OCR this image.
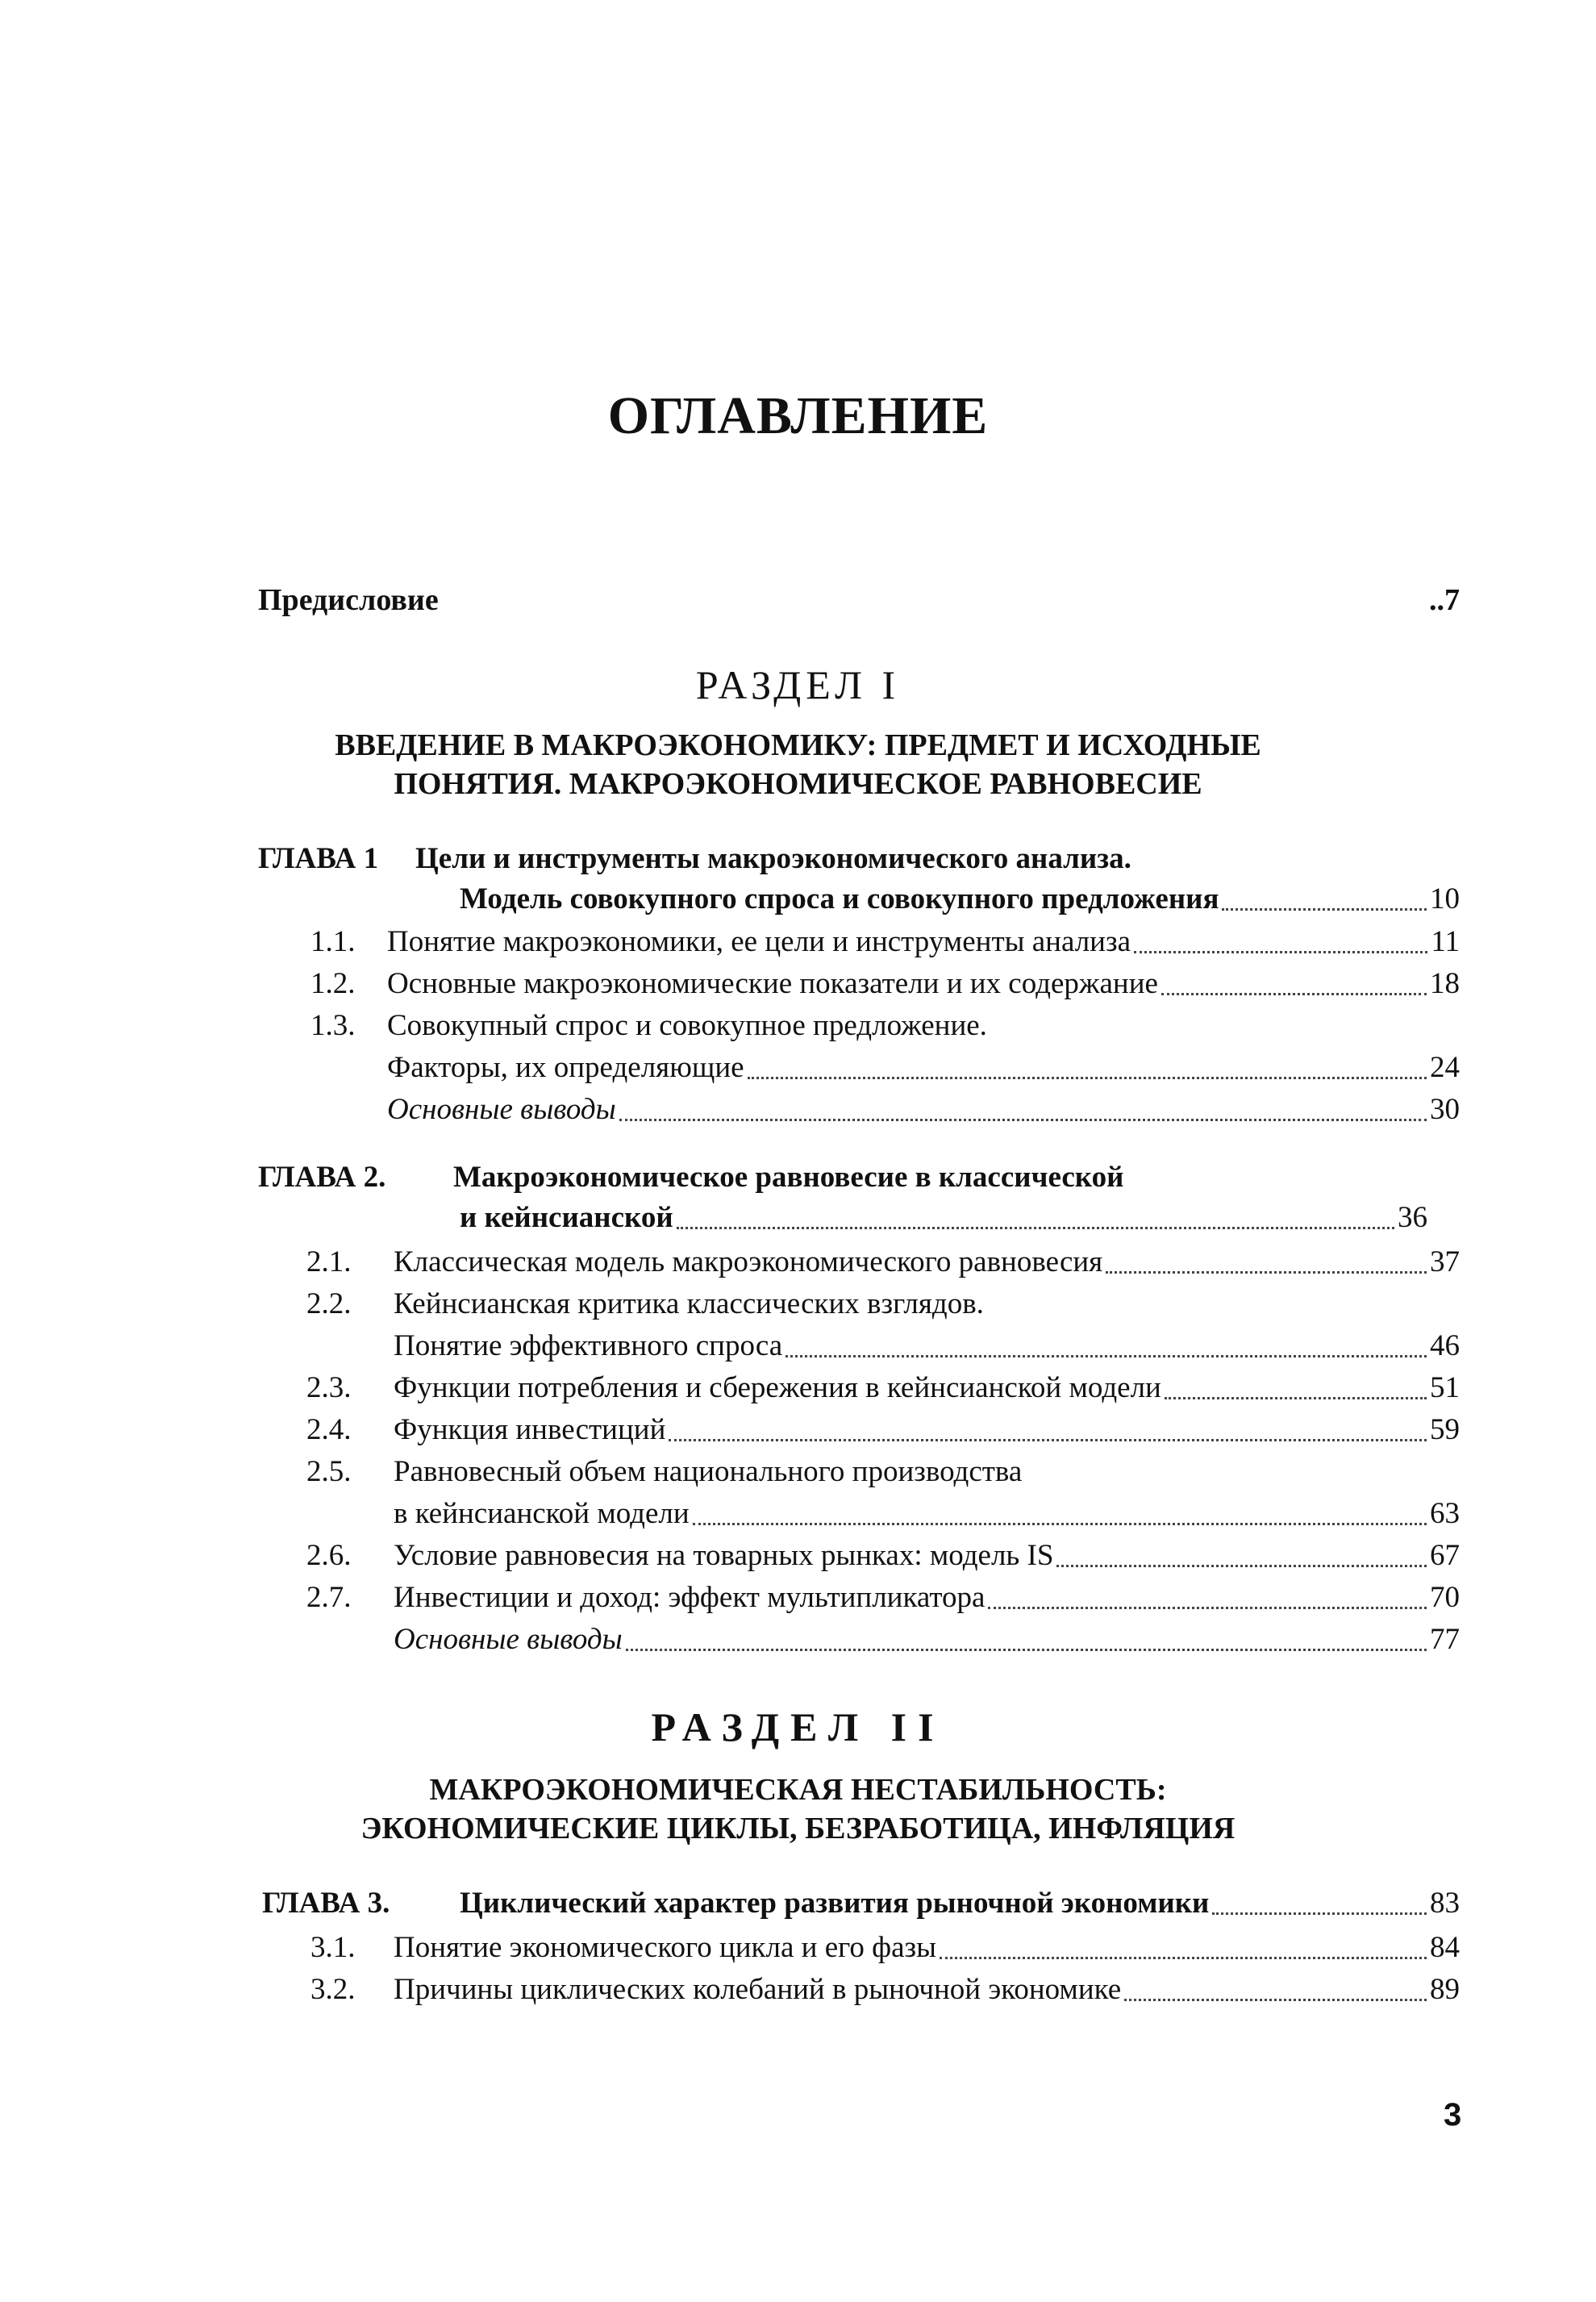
ОГЛАВЛЕНИЕ
Предисловие	..7
РАЗДЕЛ I
ВВЕДЕНИЕ В МАКРОЭКОНОМИКУ: ПРЕДМЕТ И ИСХОДНЫЕ
ПОНЯТИЯ. МАКРОЭКОНОМИЧЕСКОЕ РАВНОВЕСИЕ
ГЛАВА 1 Цели и инструменты макроэкономического анализа.
Модель совокупного спроса и совокупного предложения	10
1.1.	Понятие макроэкономики, ее цели и инструменты анализа	11
1.2.	Основные макроэкономические показатели и их содержание	18
1.3.	Совокупный спрос и совокупное предложение.
Факторы, их определяющие	24
Основные выводы	30
ГЛАВА 2. Макроэкономическое равновесие в классической
и кейнсианской	36
2.1.	Классическая модель макроэкономического равновесия	37
2.2.	Кейнсианская критика классических взглядов.
Понятие эффективного спроса	46
2.3.	Функции потребления и сбережения в кейнсианской модели	51
2.4.	Функция инвестиций	59
2.5.	Равновесный объем национального производства
в кейнсианской модели	63
2.6.	Условие равновесия на товарных рынках: модель IS	67
2.7.	Инвестиции и доход: эффект мультипликатора	70
Основные выводы	77
РАЗДЕЛ II
МАКРОЭКОНОМИЧЕСКАЯ НЕСТАБИЛЬНОСТЬ:
ЭКОНОМИЧЕСКИЕ ЦИКЛЫ, БЕЗРАБОТИЦА, ИНФЛЯЦИЯ
ГЛАВА 3. Циклический характер развития рыночной экономики	83
3.1.	Понятие экономического цикла и его фазы	84
3.2.	Причины циклических колебаний в рыночной экономике	89
3
